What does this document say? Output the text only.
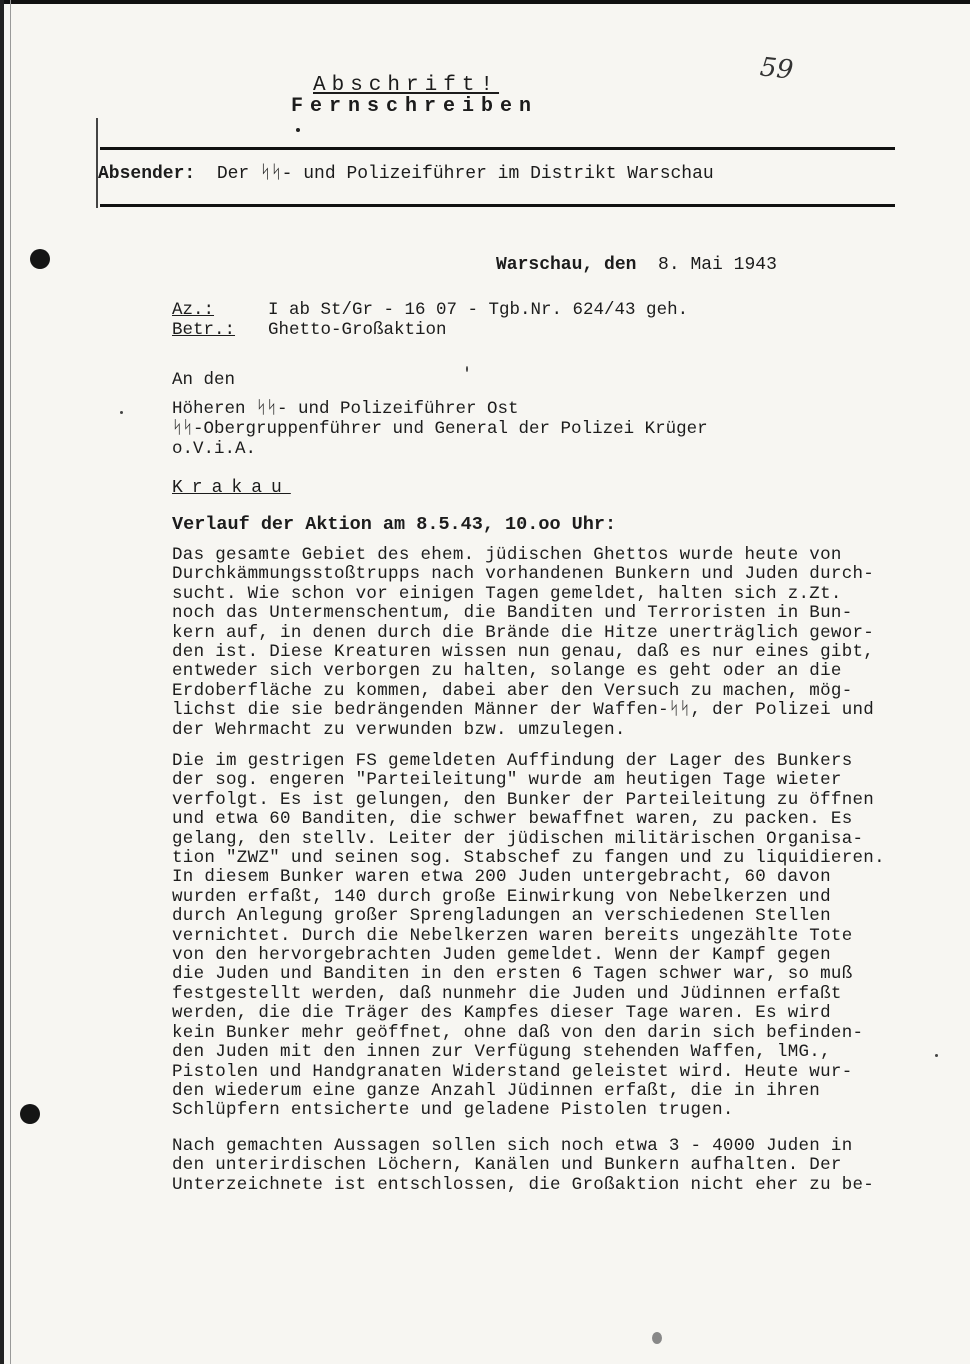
59
Abschrift!
Fernschreiben
Absender: Der ᛋᛋ- und Polizeiführer im Distrikt Warschau
Warschau, den 8. Mai 1943
Az.:	I ab St/Gr - 16 07 - Tgb.Nr. 624/43 geh.
Betr.: Ghetto-Großaktion
An den
Höheren ᛋᛋ- und Polizeiführer Ost
ᛋᛋ-Obergruppenführer und General der Polizei Krüger
o.V.i.A.
Krakau
Verlauf der Aktion am 8.5.43, 10.oo Uhr:
Das gesamte Gebiet des ehem. jüdischen Ghettos wurde heute von
Durchkämmungsstoßtrupps nach vorhandenen Bunkern und Juden durch-
sucht. Wie schon vor einigen Tagen gemeldet, halten sich z.Zt.
noch das Untermenschentum, die Banditen und Terroristen in Bun-
kern auf, in denen durch die Brände die Hitze unerträglich gewor-
den ist. Diese Kreaturen wissen nun genau, daß es nur eines gibt,
entweder sich verborgen zu halten, solange es geht oder an die
Erdoberfläche zu kommen, dabei aber den Versuch zu machen, mög-
lichst die sie bedrängenden Männer der Waffen-ᛋᛋ, der Polizei und
der Wehrmacht zu verwunden bzw. umzulegen.
Die im gestrigen FS gemeldeten Auffindung der Lager des Bunkers
der sog. engeren "Parteileitung" wurde am heutigen Tage wieter
verfolgt. Es ist gelungen, den Bunker der Parteileitung zu öffnen
und etwa 60 Banditen, die schwer bewaffnet waren, zu packen. Es
gelang, den stellv. Leiter der jüdischen militärischen Organisa-
tion "ZWZ" und seinen sog. Stabschef zu fangen und zu liquidieren.
In diesem Bunker waren etwa 200 Juden untergebracht, 60 davon
wurden erfaßt, 140 durch große Einwirkung von Nebelkerzen und
durch Anlegung großer Sprengladungen an verschiedenen Stellen
vernichtet. Durch die Nebelkerzen waren bereits ungezählte Tote
von den hervorgebrachten Juden gemeldet. Wenn der Kampf gegen
die Juden und Banditen in den ersten 6 Tagen schwer war, so muß
festgestellt werden, daß nunmehr die Juden und Jüdinnen erfaßt
werden, die die Träger des Kampfes dieser Tage waren. Es wird
kein Bunker mehr geöffnet, ohne daß von den darin sich befinden-
den Juden mit den innen zur Verfügung stehenden Waffen, lMG.,
Pistolen und Handgranaten Widerstand geleistet wird. Heute wur-
den wiederum eine ganze Anzahl Jüdinnen erfaßt, die in ihren
Schlüpfern entsicherte und geladene Pistolen trugen.
Nach gemachten Aussagen sollen sich noch etwa 3 - 4000 Juden in
den unterirdischen Löchern, Kanälen und Bunkern aufhalten. Der
Unterzeichnete ist entschlossen, die Großaktion nicht eher zu be-
